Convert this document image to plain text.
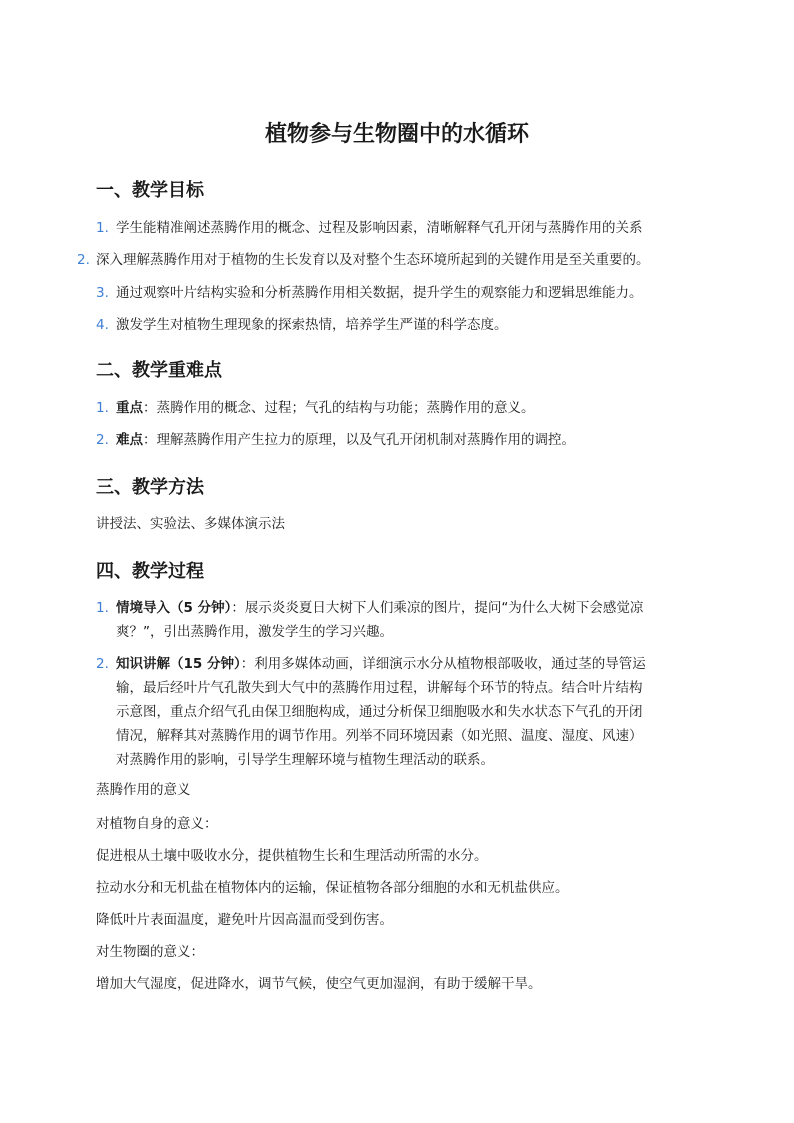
植物参与生物圈中的水循环
一、教学目标
1. 学生能精准阐述蒸腾作用的概念、过程及影响因素，清晰解释气孔开闭与蒸腾作用的关系
2. 深入理解蒸腾作用对于植物的生长发育以及对整个生态环境所起到的关键作用是至关重要的。
3. 通过观察叶片结构实验和分析蒸腾作用相关数据，提升学生的观察能力和逻辑思维能力。
4. 激发学生对植物生理现象的探索热情，培养学生严谨的科学态度。
二、教学重难点
1. 重点：蒸腾作用的概念、过程；气孔的结构与功能；蒸腾作用的意义。
2. 难点：理解蒸腾作用产生拉力的原理，以及气孔开闭机制对蒸腾作用的调控。
三、教学方法
讲授法、实验法、多媒体演示法
四、教学过程
1. 情境导入（5 分钟）：展示炎炎夏日大树下人们乘凉的图片，提问“为什么大树下会感觉凉
爽？”，引出蒸腾作用，激发学生的学习兴趣。
2. 知识讲解（15 分钟）：利用多媒体动画，详细演示水分从植物根部吸收，通过茎的导管运
输，最后经叶片气孔散失到大气中的蒸腾作用过程，讲解每个环节的特点。结合叶片结构
示意图，重点介绍气孔由保卫细胞构成，通过分析保卫细胞吸水和失水状态下气孔的开闭
情况，解释其对蒸腾作用的调节作用。列举不同环境因素（如光照、温度、湿度、风速）
对蒸腾作用的影响，引导学生理解环境与植物生理活动的联系。
蒸腾作用的意义
对植物自身的意义：
促进根从土壤中吸收水分，提供植物生长和生理活动所需的水分。
拉动水分和无机盐在植物体内的运输，保证植物各部分细胞的水和无机盐供应。
降低叶片表面温度，避免叶片因高温而受到伤害。
对生物圈的意义：
增加大气湿度，促进降水，调节气候，使空气更加湿润，有助于缓解干旱。
